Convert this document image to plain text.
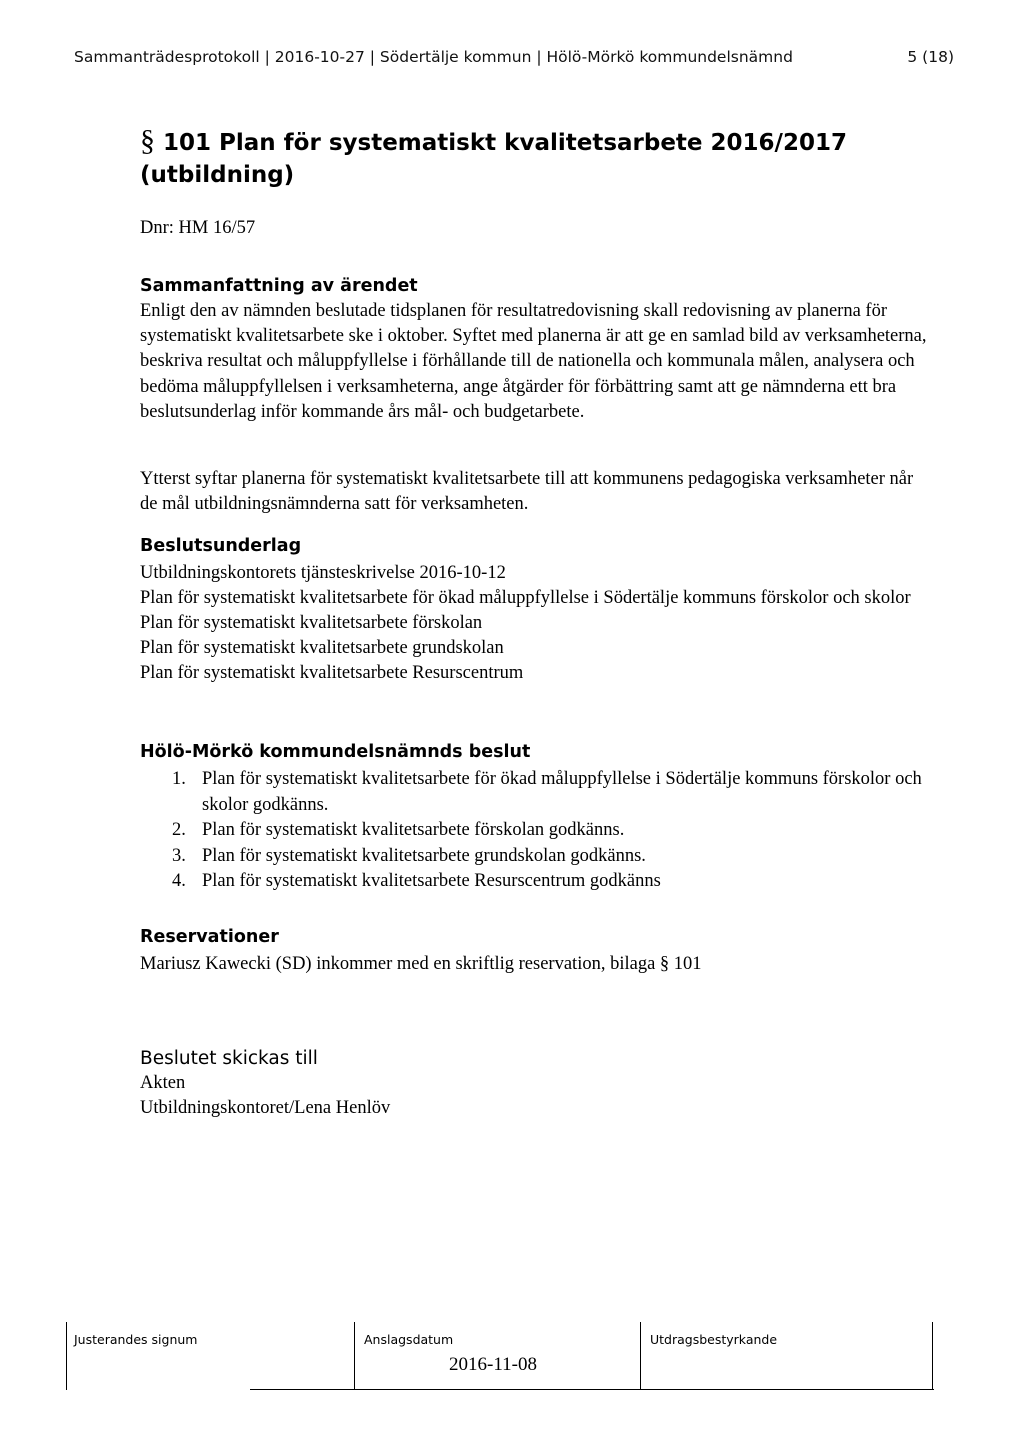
Sammanträdesprotokoll | 2016-10-27 | Södertälje kommun | Hölö-Mörkö kommundelsnämnd	5 (18)
§ 101 Plan för systematiskt kvalitetsarbete 2016/2017 (utbildning)
Dnr: HM 16/57
Sammanfattning av ärendet

Enligt den av nämnden beslutade tidsplanen för resultatredovisning skall redovisning av planerna för systematiskt kvalitetsarbete ske i oktober. Syftet med planerna är att ge en samlad bild av verksamheterna, beskriva resultat och måluppfyllelse i förhållande till de nationella och kommunala målen, analysera och bedöma måluppfyllelsen i verksamheterna, ange åtgärder för förbättring samt att ge nämnderna ett bra beslutsunderlag inför kommande års mål- och budgetarbete.

Ytterst syftar planerna för systematiskt kvalitetsarbete till att kommunens pedagogiska verksamheter når de mål utbildningsnämnderna satt för verksamheten.

Beslutsunderlag
Utbildningskontorets tjänsteskrivelse 2016-10-12
Plan för systematiskt kvalitetsarbete för ökad måluppfyllelse i Södertälje kommuns förskolor och skolor
Plan för systematiskt kvalitetsarbete förskolan
Plan för systematiskt kvalitetsarbete grundskolan
Plan för systematiskt kvalitetsarbete Resurscentrum
Hölö-Mörkö kommundelsnämnds beslut
1. Plan för systematiskt kvalitetsarbete för ökad måluppfyllelse i Södertälje kommuns förskolor och skolor godkänns.
2. Plan för systematiskt kvalitetsarbete förskolan godkänns.
3. Plan för systematiskt kvalitetsarbete grundskolan godkänns.
4. Plan för systematiskt kvalitetsarbete Resurscentrum godkänns
Reservationer
Mariusz Kawecki (SD) inkommer med en skriftlig reservation, bilaga § 101
Beslutet skickas till
Akten
Utbildningskontoret/Lena Henlöv
Justerandes signum	Anslagsdatum
2016-11-08
Utdragsbestyrkande
